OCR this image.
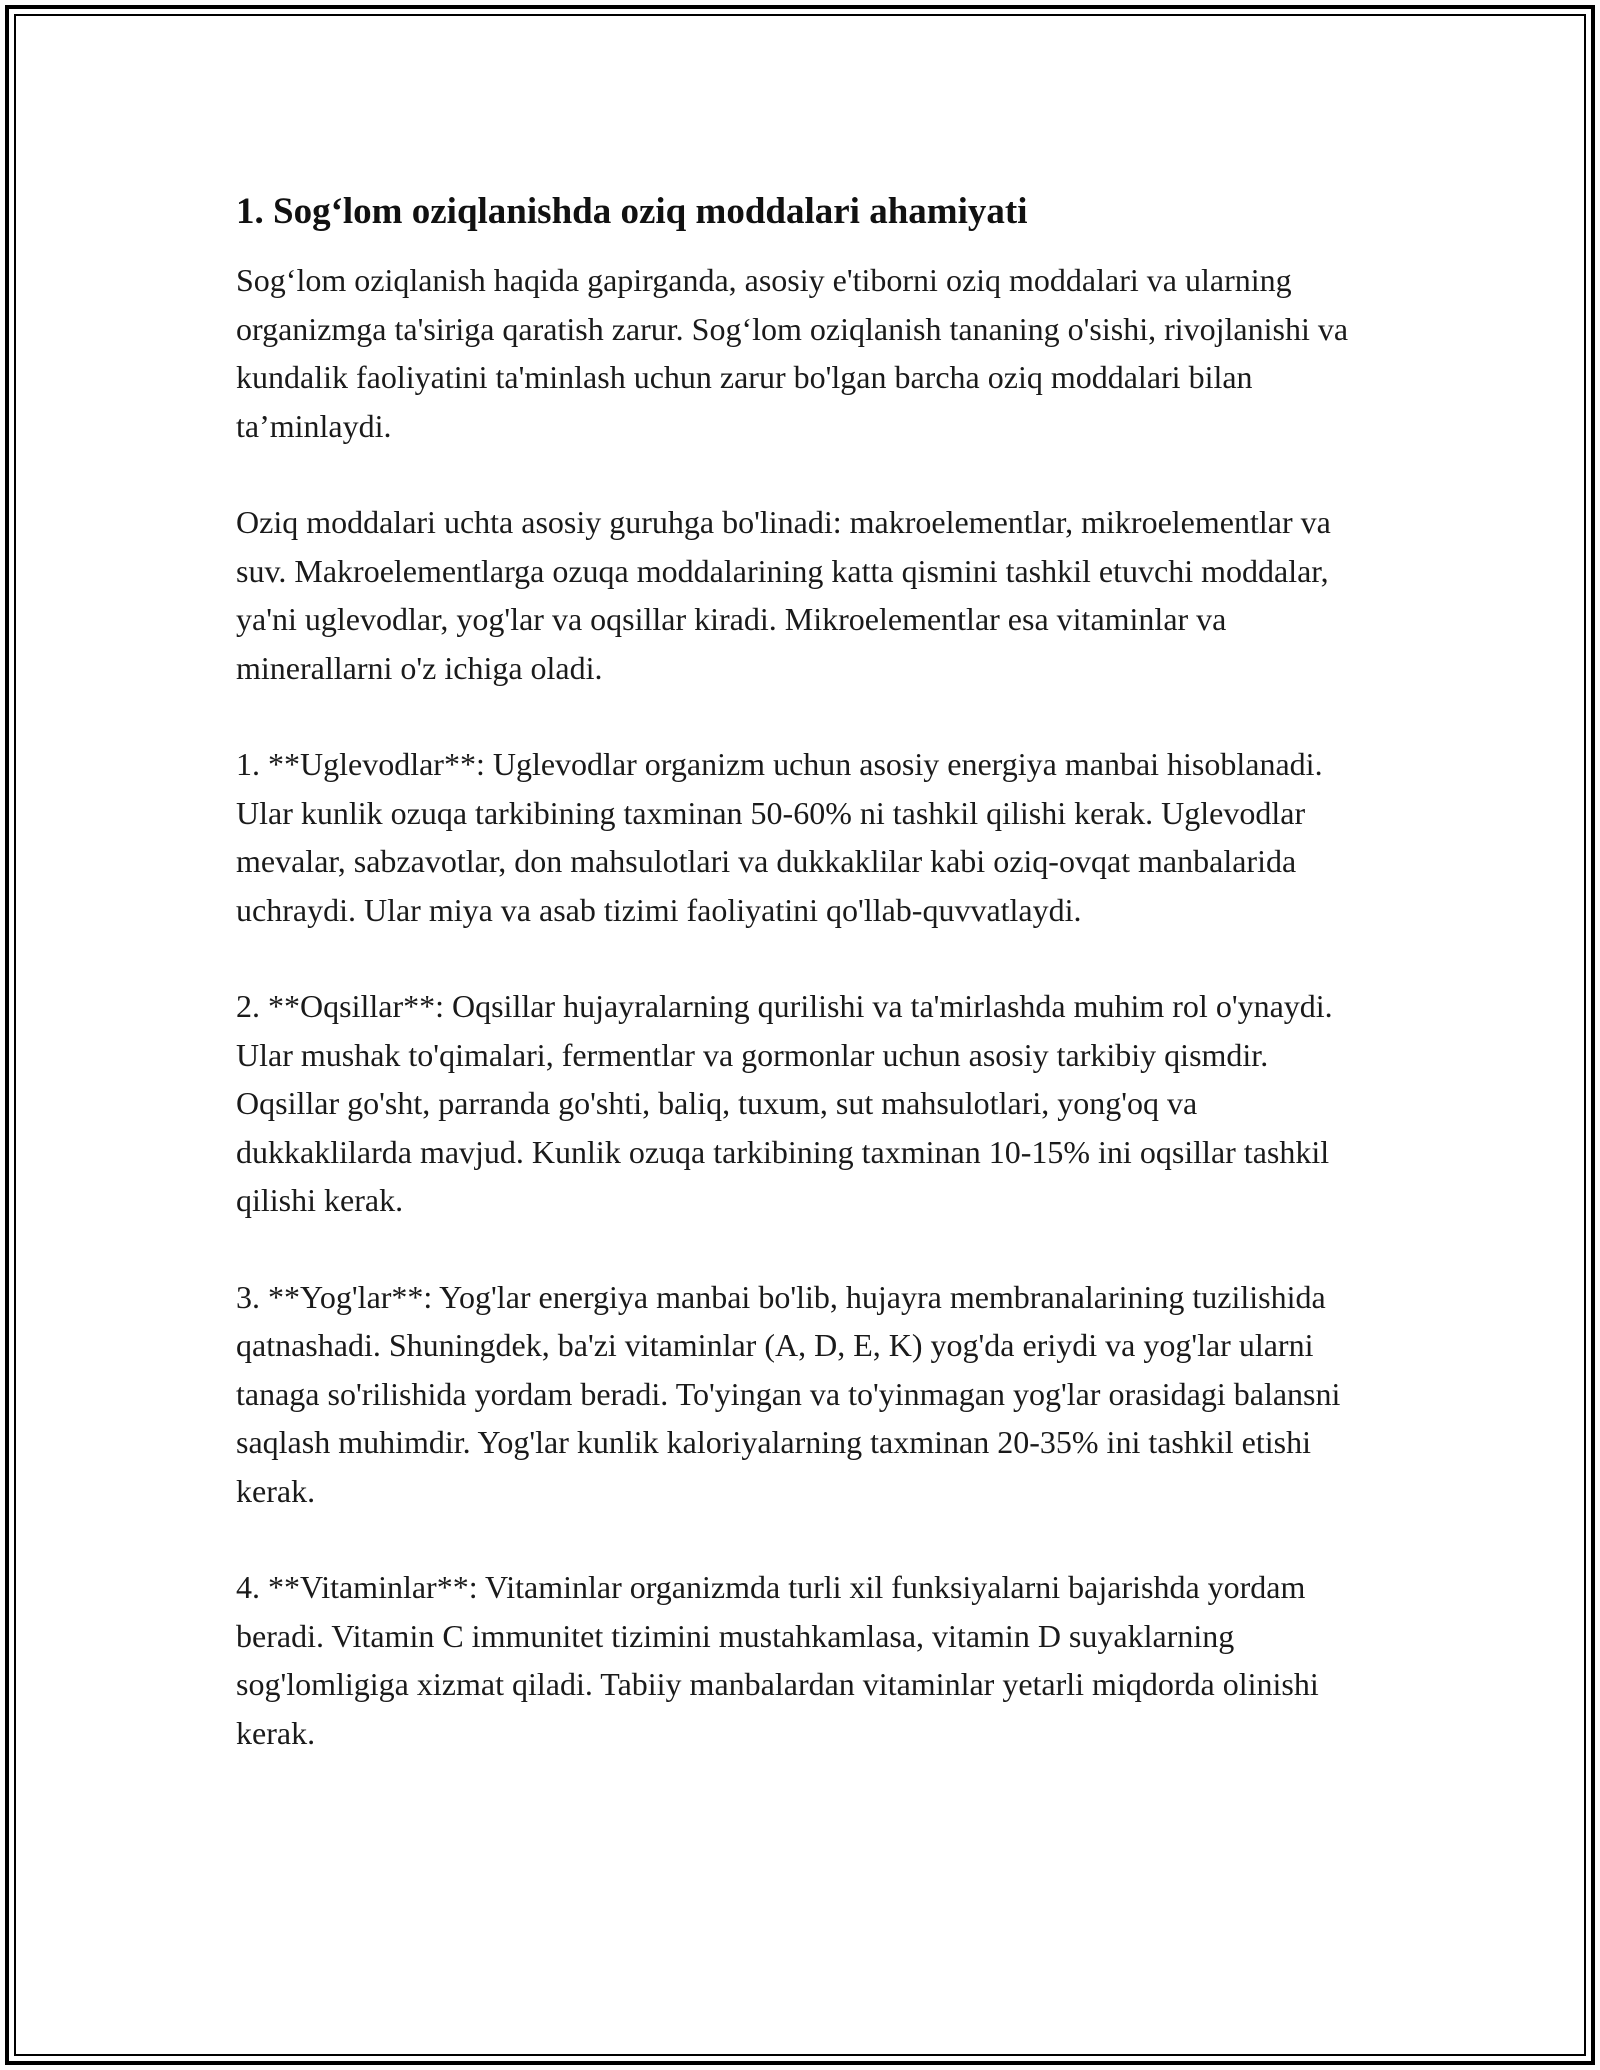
1. Sog‘lom oziqlanishda oziq moddalari ahamiyati

Sog‘lom oziqlanish haqida gapirganda, asosiy e'tiborni oziq moddalari va ularning organizmga ta'siriga qaratish zarur. Sog‘lom oziqlanish tananing o'sishi, rivojlanishi va kundalik faoliyatini ta'minlash uchun zarur bo'lgan barcha oziq moddalari bilan ta’minlaydi.

Oziq moddalari uchta asosiy guruhga bo'linadi: makroelementlar, mikroelementlar va suv. Makroelementlarga ozuqa moddalarining katta qismini tashkil etuvchi moddalar, ya'ni uglevodlar, yog'lar va oqsillar kiradi. Mikroelementlar esa vitaminlar va minerallarni o'z ichiga oladi.

1. **Uglevodlar**: Uglevodlar organizm uchun asosiy energiya manbai hisoblanadi. Ular kunlik ozuqa tarkibining taxminan 50-60% ni tashkil qilishi kerak. Uglevodlar mevalar, sabzavotlar, don mahsulotlari va dukkaklilar kabi oziq-ovqat manbalarida uchraydi. Ular miya va asab tizimi faoliyatini qo'llab-quvvatlaydi.

2. **Oqsillar**: Oqsillar hujayralarning qurilishi va ta'mirlashda muhim rol o'ynaydi. Ular mushak to'qimalari, fermentlar va gormonlar uchun asosiy tarkibiy qismdir. Oqsillar go'sht, parranda go'shti, baliq, tuxum, sut mahsulotlari, yong'oq va dukkaklilarda mavjud. Kunlik ozuqa tarkibining taxminan 10-15% ini oqsillar tashkil qilishi kerak.

3. **Yog'lar**: Yog'lar energiya manbai bo'lib, hujayra membranalarining tuzilishida qatnashadi. Shuningdek, ba'zi vitaminlar (A, D, E, K) yog'da eriydi va yog'lar ularni tanaga so'rilishida yordam beradi. To'yingan va to'yinmagan yog'lar orasidagi balansni saqlash muhimdir. Yog'lar kunlik kaloriyalarning taxminan 20-35% ini tashkil etishi kerak.

4. **Vitaminlar**: Vitaminlar organizmda turli xil funksiyalarni bajarishda yordam beradi. Vitamin C immunitet tizimini mustahkamlasa, vitamin D suyaklarning sog'lomligiga xizmat qiladi. Tabiiy manbalardan vitaminlar yetarli miqdorda olinishi kerak.
